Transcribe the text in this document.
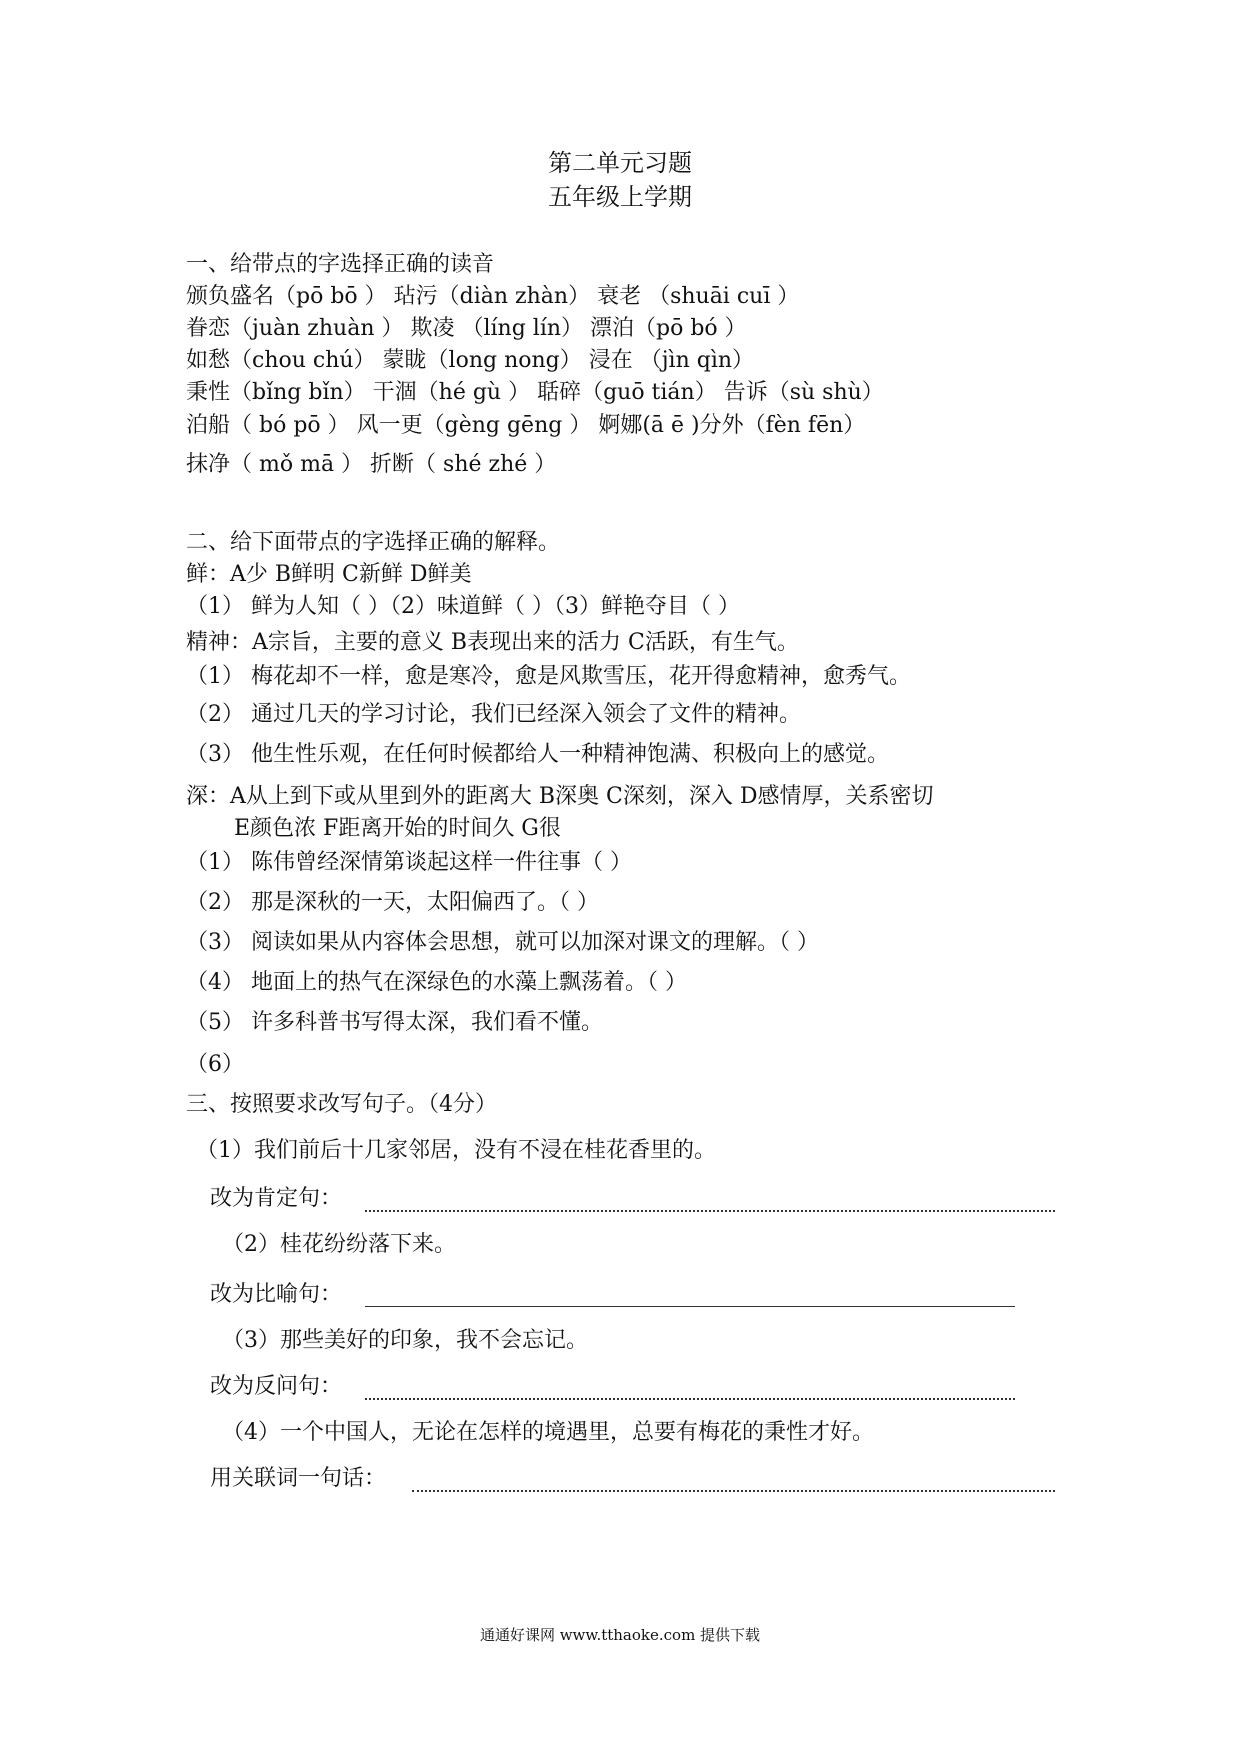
第二单元习题
五年级上学期
一、给带点的字选择正确的读音
颁负盛名（pō bō ） 玷污（diàn zhàn） 衰老 （shuāi cuī ）
眷恋（juàn zhuàn ） 欺凌 （líng lín） 漂泊（pō bó ）
如愁（chou chú） 蒙眬（long nong） 浸在 （jìn qìn）
秉性（bǐng bǐn） 干涸（hé gù ） 聒碎（guō tián） 告诉（sù shù）
泊船（ bó pō ） 风一更（gèng gēng ） 婀娜(ā ē )分外（fèn fēn）
抹净（ mǒ mā ） 折断（ shé zhé ）
二、给下面带点的字选择正确的解释。
鲜：A少 B鲜明 C新鲜 D鲜美
（1） 鲜为人知（ ）（2）味道鲜（ ）（3）鲜艳夺目（ ）
精神：A宗旨，主要的意义 B表现出来的活力 C活跃，有生气。
（1） 梅花却不一样，愈是寒冷，愈是风欺雪压，花开得愈精神，愈秀气。
（2） 通过几天的学习讨论，我们已经深入领会了文件的精神。
（3） 他生性乐观，在任何时候都给人一种精神饱满、积极向上的感觉。
深：A从上到下或从里到外的距离大 B深奥 C深刻，深入 D感情厚，关系密切
E颜色浓 F距离开始的时间久 G很
（1） 陈伟曾经深情第谈起这样一件往事（ ）
（2） 那是深秋的一天，太阳偏西了。（ ）
（3） 阅读如果从内容体会思想，就可以加深对课文的理解。（ ）
（4） 地面上的热气在深绿色的水藻上飘荡着。（ ）
（5） 许多科普书写得太深，我们看不懂。
（6）
三、按照要求改写句子。（4分）
（1）我们前后十几家邻居，没有不浸在桂花香里的。
改为肯定句：
（2）桂花纷纷落下来。
改为比喻句：
（3）那些美好的印象，我不会忘记。
改为反问句：
（4）一个中国人，无论在怎样的境遇里，总要有梅花的秉性才好。
用关联词一句话：
通通好课网 www.tthaoke.com 提供下载
